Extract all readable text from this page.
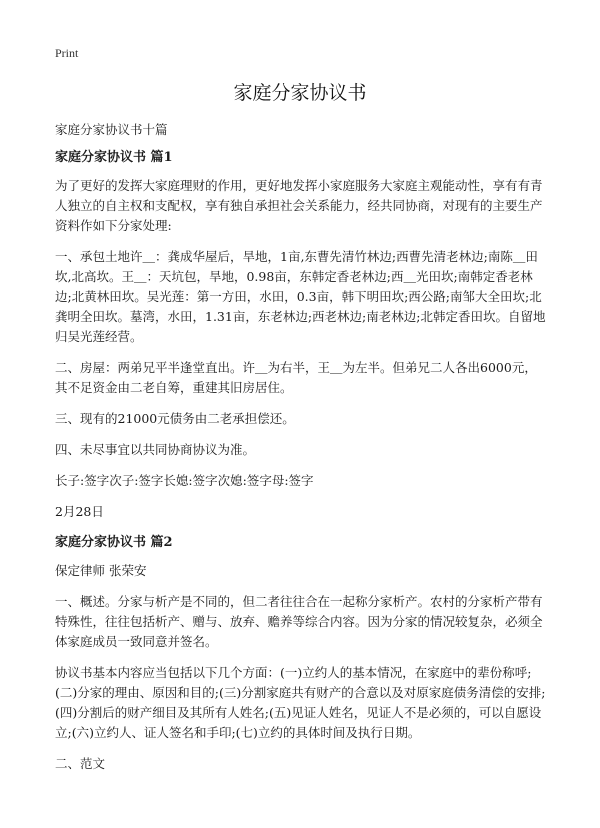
Print
家庭分家协议书

家庭分家协议书十篇

家庭分家协议书 篇1

为了更好的发挥大家庭理财的作用，更好地发挥小家庭服务大家庭主观能动性，享有有青人独立的自主权和支配权，享有独自承担社会关系能力，经共同协商，对现有的主要生产资料作如下分家处理:

一、承包土地许＿：龚成华屋后，旱地，1亩,东曹先清竹林边;西曹先清老林边;南陈＿田坎,北高坎。王＿：天坑包，旱地，0.98亩，东韩定香老林边;西＿光田坎;南韩定香老林边;北黄林田坎。吴光莲：第一方田，水田，0.3亩，韩下明田坎;西公路;南邹大全田坎;北龚明全田坎。墓湾，水田，1.31亩，东老林边;西老林边;南老林边;北韩定香田坎。自留地归吴光莲经营。

二、房屋：两弟兄平半逢堂直出。许＿为右半，王＿为左半。但弟兄二人各出6000元，其不足资金由二老自筹，重建其旧房居住。

三、现有的21000元债务由二老承担偿还。

四、未尽事宜以共同协商协议为准。

长子:签字次子:签字长媳:签字次媳:签字母:签字

2月28日

家庭分家协议书 篇2

保定律师 张荣安

一、概述。分家与析产是不同的，但二者往往合在一起称分家析产。农村的分家析产带有特殊性，往往包括析产、赠与、放弃、赡养等综合内容。因为分家的情况较复杂，必须全体家庭成员一致同意并签名。

协议书基本内容应当包括以下几个方面：(一)立约人的基本情况，在家庭中的辈份称呼;(二)分家的理由、原因和目的;(三)分割家庭共有财产的合意以及对原家庭债务清偿的安排;(四)分割后的财产细目及其所有人姓名;(五)见证人姓名，见证人不是必须的，可以自愿设立;(六)立约人、证人签名和手印;(七)立约的具体时间及执行日期。

二、范文
